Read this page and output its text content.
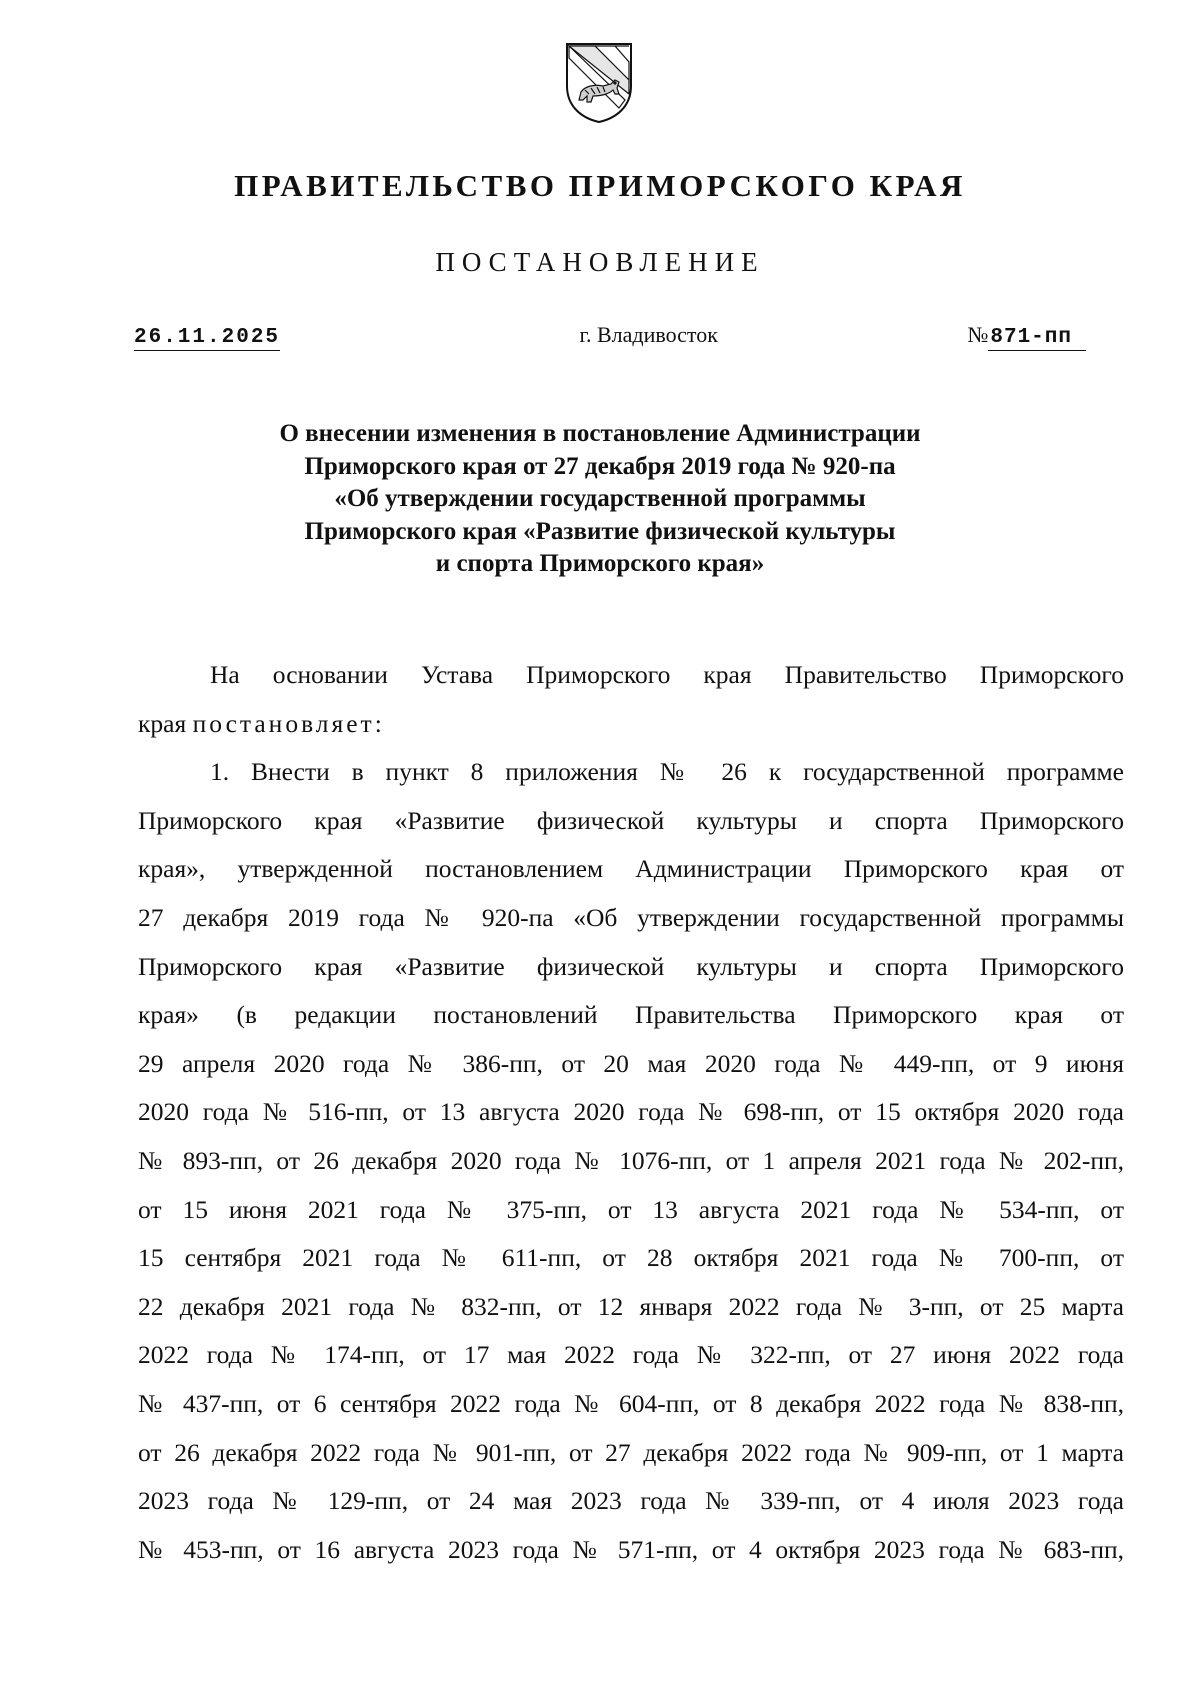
ПРАВИТЕЛЬСТВО ПРИМОРСКОГО КРАЯ
ПОСТАНОВЛЕНИЕ
26.11.2025	г. Владивосток	№ 871-пп
О внесении изменения в постановление Администрации
Приморского края от 27 декабря 2019 года № 920-па
«Об утверждении государственной программы
Приморского края «Развитие физической культуры
и спорта Приморского края»
На основании Устава Приморского края Правительство Приморского
края постановляет:
1. Внести в пункт 8 приложения № 26 к государственной программе
Приморского края «Развитие физической культуры и спорта Приморского
края», утвержденной постановлением Администрации Приморского края от
27 декабря 2019 года № 920-па «Об утверждении государственной программы
Приморского края «Развитие физической культуры и спорта Приморского
края» (в редакции постановлений Правительства Приморского края от
29 апреля 2020 года № 386-пп, от 20 мая 2020 года № 449-пп, от 9 июня
2020 года № 516-пп, от 13 августа 2020 года № 698-пп, от 15 октября 2020 года
№ 893-пп, от 26 декабря 2020 года № 1076-пп, от 1 апреля 2021 года № 202-пп,
от 15 июня 2021 года № 375-пп, от 13 августа 2021 года № 534-пп, от
15 сентября 2021 года № 611-пп, от 28 октября 2021 года № 700-пп, от
22 декабря 2021 года № 832-пп, от 12 января 2022 года № 3-пп, от 25 марта
2022 года № 174-пп, от 17 мая 2022 года № 322-пп, от 27 июня 2022 года
№ 437-пп, от 6 сентября 2022 года № 604-пп, от 8 декабря 2022 года № 838-пп,
от 26 декабря 2022 года № 901-пп, от 27 декабря 2022 года № 909-пп, от 1 марта
2023 года № 129-пп, от 24 мая 2023 года № 339-пп, от 4 июля 2023 года
№ 453-пп, от 16 августа 2023 года № 571-пп, от 4 октября 2023 года № 683-пп,
